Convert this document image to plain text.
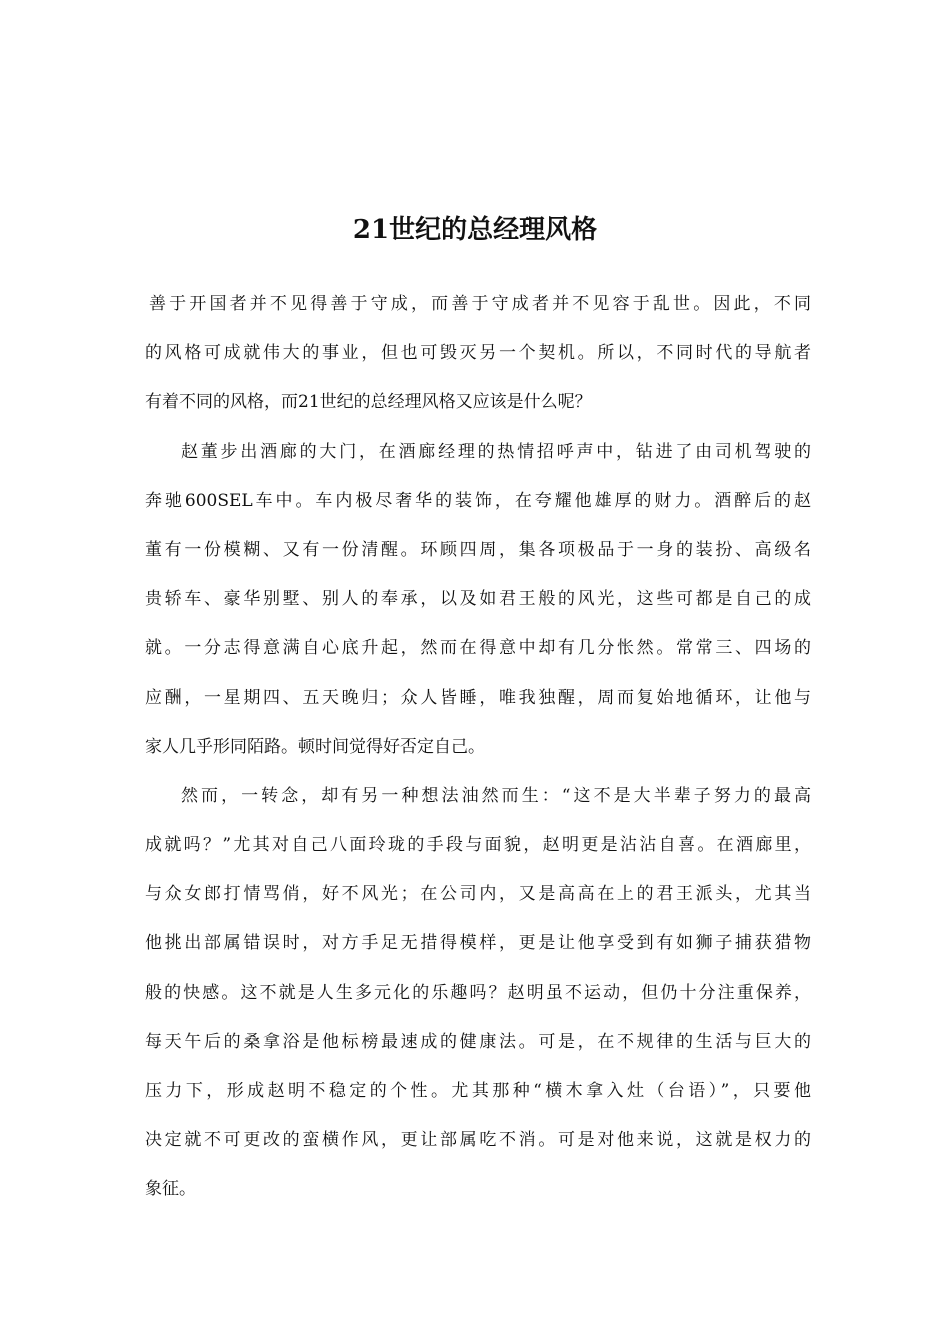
21世纪的总经理风格
善于开国者并不见得善于守成，而善于守成者并不见容于乱世。因此，不同
的风格可成就伟大的事业，但也可毁灭另一个契机。所以，不同时代的导航者
有着不同的风格，而21世纪的总经理风格又应该是什么呢？
赵董步出酒廊的大门，在酒廊经理的热情招呼声中，钻进了由司机驾驶的
奔驰600SEL车中。车内极尽奢华的装饰，在夸耀他雄厚的财力。酒醉后的赵
董有一份模糊、又有一份清醒。环顾四周，集各项极品于一身的装扮、高级名
贵轿车、豪华别墅、别人的奉承，以及如君王般的风光，这些可都是自己的成
就。一分志得意满自心底升起，然而在得意中却有几分怅然。常常三、四场的
应酬，一星期四、五天晚归；众人皆睡，唯我独醒，周而复始地循环，让他与
家人几乎形同陌路。顿时间觉得好否定自己。
然而，一转念，却有另一种想法油然而生：“这不是大半辈子努力的最高
成就吗？”尤其对自己八面玲珑的手段与面貌，赵明更是沾沾自喜。在酒廊里，
与众女郎打情骂俏，好不风光；在公司内，又是高高在上的君王派头，尤其当
他挑出部属错误时，对方手足无措得模样，更是让他享受到有如狮子捕获猎物
般的快感。这不就是人生多元化的乐趣吗？赵明虽不运动，但仍十分注重保养，
每天午后的桑拿浴是他标榜最速成的健康法。可是，在不规律的生活与巨大的
压力下，形成赵明不稳定的个性。尤其那种“横木拿入灶（台语）”，只要他
决定就不可更改的蛮横作风，更让部属吃不消。可是对他来说，这就是权力的
象征。
